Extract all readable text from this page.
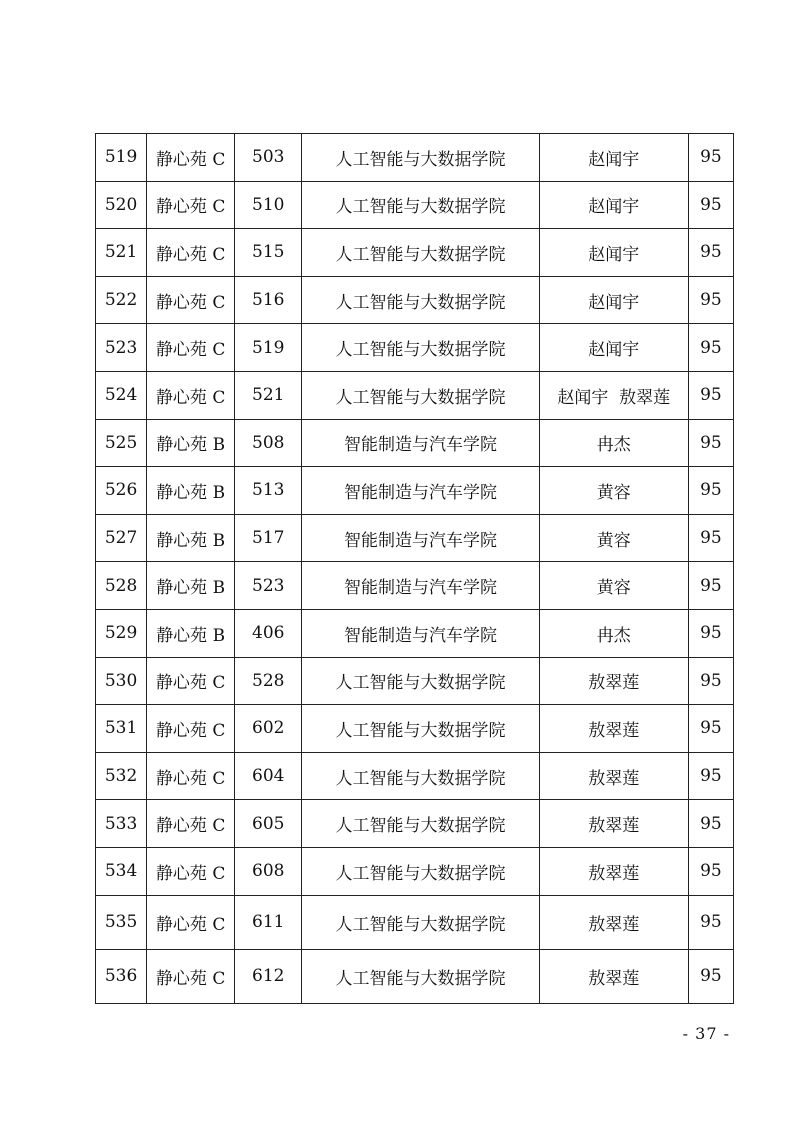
519	静心苑 C	503	人工智能与大数据学院	赵闻宇	95
520	静心苑 C	510	人工智能与大数据学院	赵闻宇	95
521	静心苑 C	515	人工智能与大数据学院	赵闻宇	95
522	静心苑 C	516	人工智能与大数据学院	赵闻宇	95
523	静心苑 C	519	人工智能与大数据学院	赵闻宇	95
524	静心苑 C	521	人工智能与大数据学院	赵闻宇  敖翠莲	95
525	静心苑 B	508	智能制造与汽车学院	冉杰	95
526	静心苑 B	513	智能制造与汽车学院	黄容	95
527	静心苑 B	517	智能制造与汽车学院	黄容	95
528	静心苑 B	523	智能制造与汽车学院	黄容	95
529	静心苑 B	406	智能制造与汽车学院	冉杰	95
530	静心苑 C	528	人工智能与大数据学院	敖翠莲	95
531	静心苑 C	602	人工智能与大数据学院	敖翠莲	95
532	静心苑 C	604	人工智能与大数据学院	敖翠莲	95
533	静心苑 C	605	人工智能与大数据学院	敖翠莲	95
534	静心苑 C	608	人工智能与大数据学院	敖翠莲	95
535	静心苑 C	611	人工智能与大数据学院	敖翠莲	95
536	静心苑 C	612	人工智能与大数据学院	敖翠莲	95
- 37 -
